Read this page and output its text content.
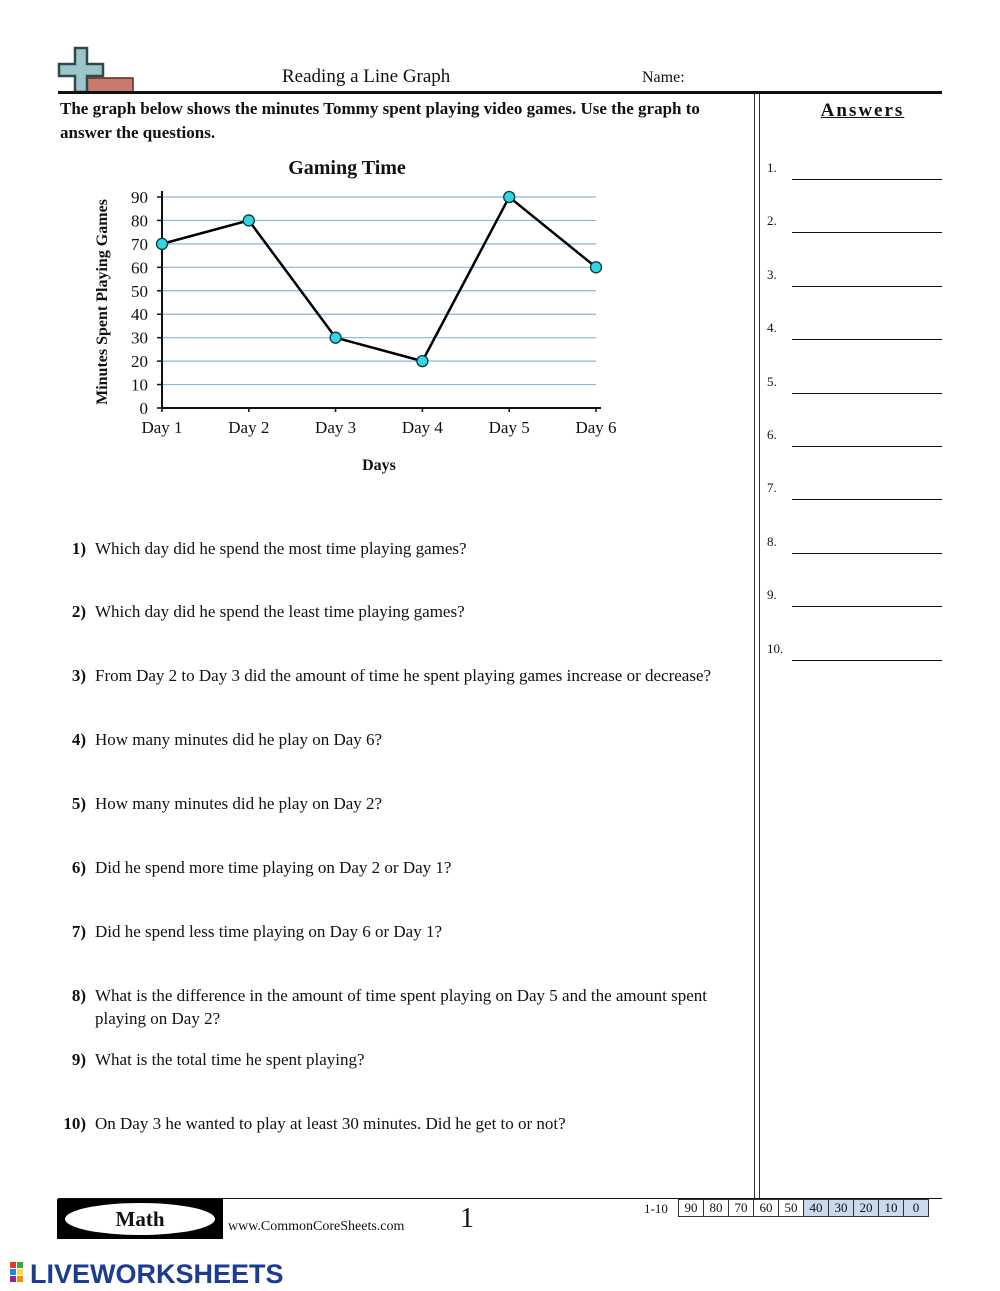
Reading a Line Graph	Name:
The graph below shows the minutes Tommy spent playing video games. Use the graph to answer the questions.
Gaming Time
0
10
20
30
40
50
60
70
80
90
Day 1	Day 2	Day 3	Day 4	Day 5	Day 6
Days
Minutes Spent Playing Games
1) Which day did he spend the most time playing games?
2) Which day did he spend the least time playing games?
3) From Day 2 to Day 3 did the amount of time he spent playing games increase or decrease?
4) How many minutes did he play on Day 6?
5) How many minutes did he play on Day 2?
6) Did he spend more time playing on Day 2 or Day 1?
7) Did he spend less time playing on Day 6 or Day 1?
8) What is the difference in the amount of time spent playing on Day 5 and the amount spent playing on Day 2?
9) What is the total time he spent playing?
10) On Day 3 he wanted to play at least 30 minutes. Did he get to or not?
Answers
1.
2.
3.
4.
5.
6.
7.
8.
9.
10.
Math	www.CommonCoreSheets.com 1	1-10 90	80	70	60	50	40	30	20	10	0
LIVEWORKSHEETS
